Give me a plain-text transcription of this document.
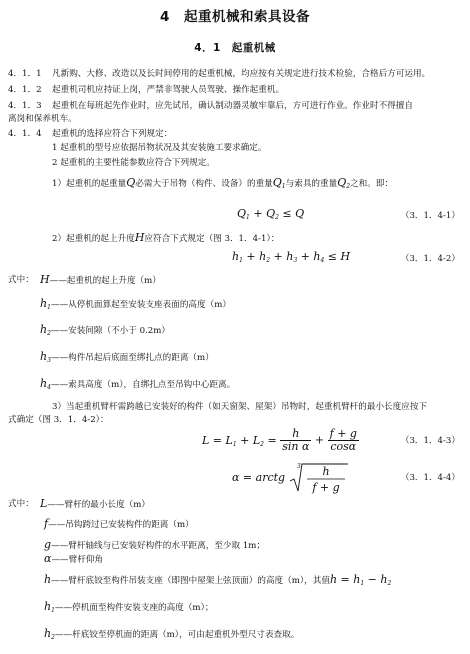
4　起重机械和索具设备
4．1　起重机械
4．1．1 凡新购、大修、改造以及长时间停用的起重机械，均应按有关规定进行技术检验，合格后方可运用。
4．1．2 起重机司机应持证上岗，严禁非驾驶人员驾驶、操作起重机。
4．1．3 起重机在每班起先作业时，应先试吊，确认制动器灵敏牢靠后，方可进行作业。作业时不得擅自
离岗和保养机车。
4．1．4 起重机的选择应符合下列规定：
1 起重机的型号应依据吊物状况及其安装施工要求确定。
2 起重机的主要性能参数应符合下列规定。
1）起重机的起重量Q必需大于吊物（构件、设备）的重量$Q_1$与索具的重量$Q_2$之和。即：
$Q_1 + Q_2 \le Q$	（3．1．4-1）
2）起重机的起上升度H应符合下式规定（图 3．1．4-1）：
$h_1 + h_2 + h_3 + h_4 \le H$	（3．1．4-2）
式中： H——起重机的起上升度（m）
$h_1——$从停机面算起至安装支座表面的高度（m）
$h_2——$安装间隙（不小于 0.2m）
$h_3——$构件吊起后底面至绑扎点的距离（m）
$h_4——$索具高度（m），自绑扎点至吊钩中心距离。
3）当起重机臂杆需跨越已安装好的构件（如天窗架、屋架）吊物时，起重机臂杆的最小长度应按下
式确定（图 3．1．4-2）：
$L = L_1 + L_2 = \frac{h}{\text{sin α}} + \frac{f + g}{\cos\alpha}$	（3．1．4-3）
α = arctg	h
f + g
3
（3．1．4-4）
式中： L——臂杆的最小长度（m）
f——吊钩跨过已安装构件的距离（m）
g——臂杆轴线与已安装好构件的水平距离，至少取 1m；
α——臂杆仰角
h——臂杆底铰至构件吊装支座（即图中屋架上弦顶面）的高度（m），其值$h = h_1 - h_2$
$h_1——$停机面至构件安装支座的高度（m）；
$h_2——$杆底铰至停机面的距离（m），可由起重机外型尺寸表查取。
